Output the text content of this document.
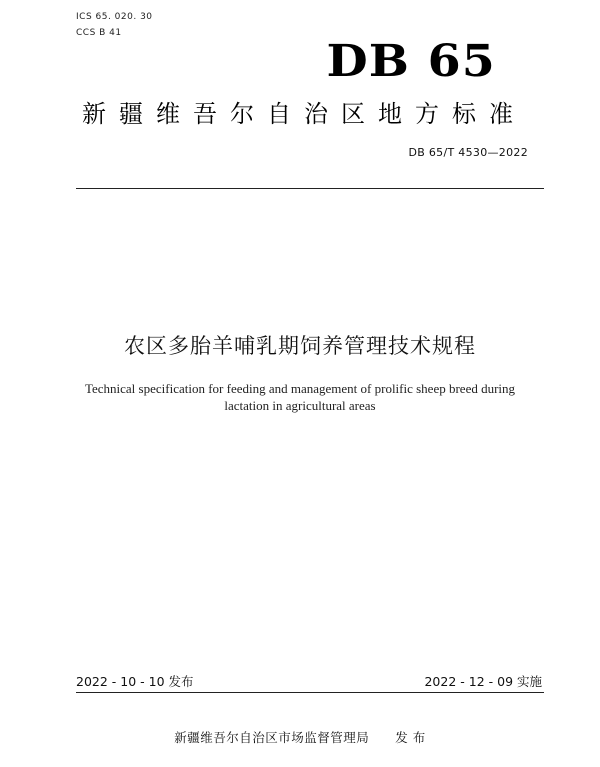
ICS 65. 020. 30
CCS B 41
DB 65
新疆维吾尔自治区地方标准
DB 65/T 4530—2022
农区多胎羊哺乳期饲养管理技术规程
Technical specification for feeding and management of prolific sheep breed during
lactation in agricultural areas
2022 - 10 - 10 发布	2022 - 12 - 09 实施
新疆维吾尔自治区市场监督管理局　　发 布
